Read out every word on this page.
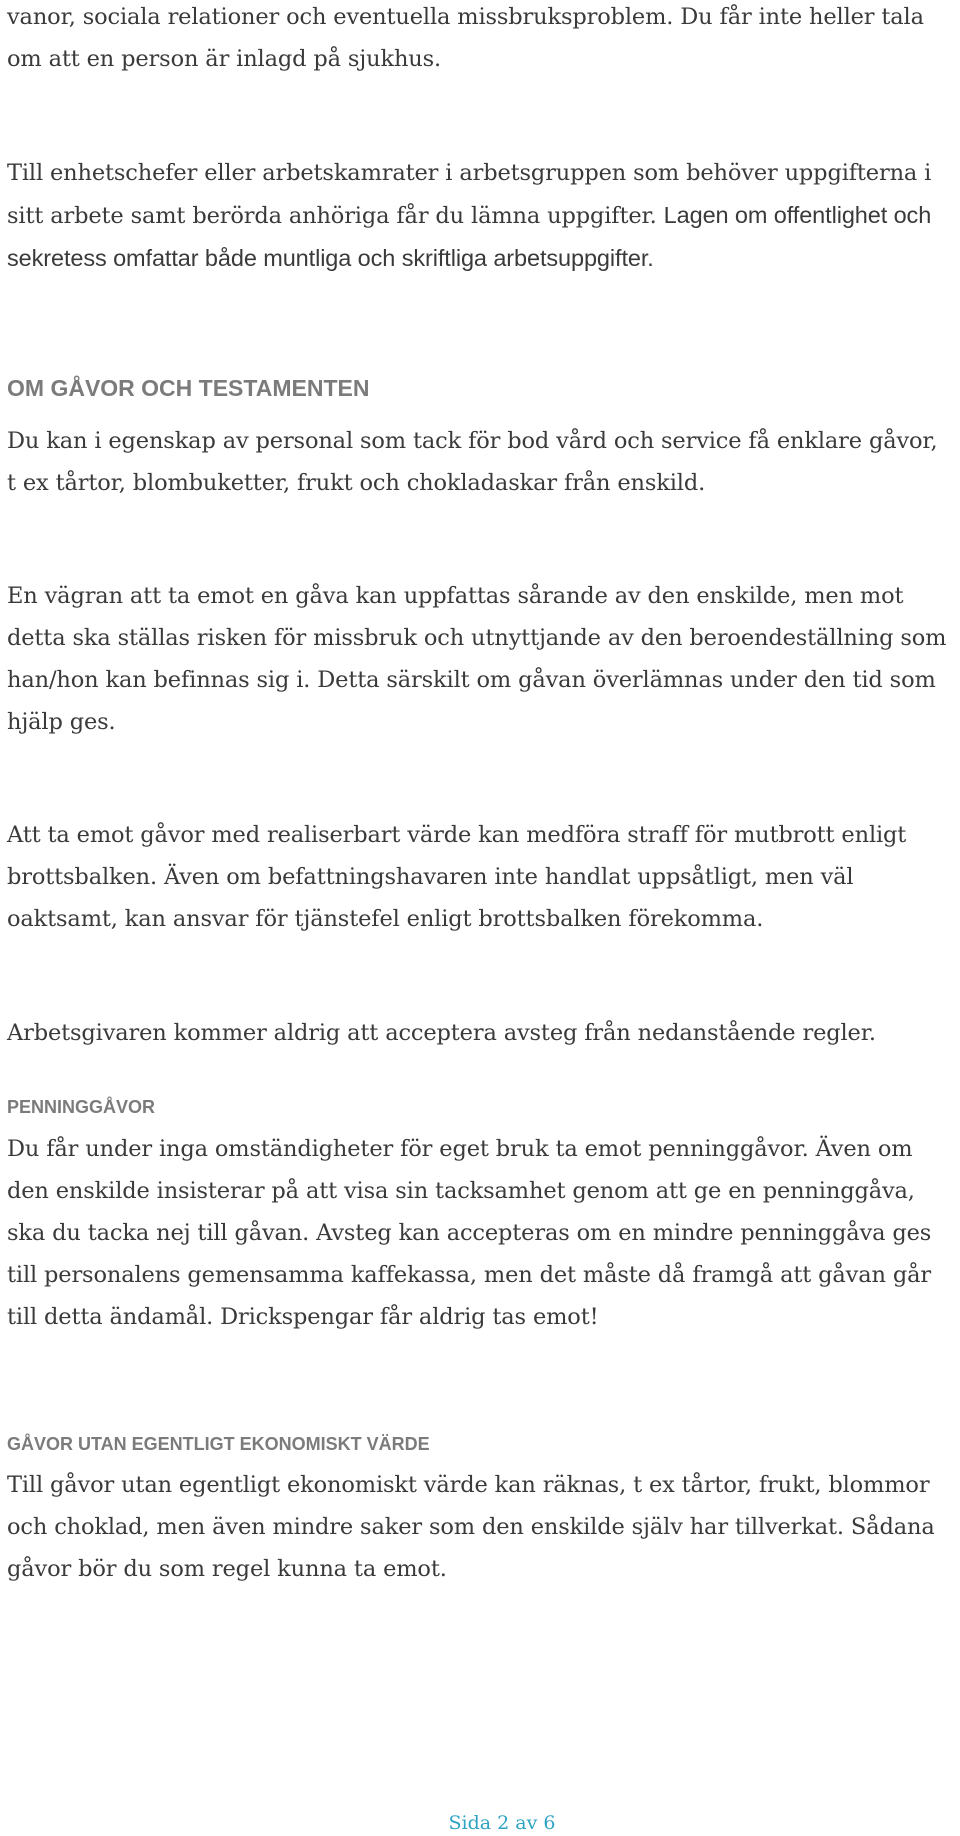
vanor, sociala relationer och eventuella missbruksproblem. Du får inte heller tala om att en person är inlagd på sjukhus.

Till enhetschefer eller arbetskamrater i arbetsgruppen som behöver uppgifterna i sitt arbete samt berörda anhöriga får du lämna uppgifter. Lagen om offentlighet och sekretess omfattar både muntliga och skriftliga arbetsuppgifter.

OM GÅVOR OCH TESTAMENTEN

Du kan i egenskap av personal som tack för bod vård och service få enklare gåvor, t ex tårtor, blombuketter, frukt och chokladaskar från enskild.

En vägran att ta emot en gåva kan uppfattas sårande av den enskilde, men mot detta ska ställas risken för missbruk och utnyttjande av den beroendeställning som han/hon kan befinnas sig i. Detta särskilt om gåvan överlämnas under den tid som hjälp ges.

Att ta emot gåvor med realiserbart värde kan medföra straff för mutbrott enligt brottsbalken. Även om befattningshavaren inte handlat uppsåtligt, men väl oaktsamt, kan ansvar för tjänstefel enligt brottsbalken förekomma.

Arbetsgivaren kommer aldrig att acceptera avsteg från nedanstående regler.

PENNINGGÅVOR

Du får under inga omständigheter för eget bruk ta emot penninggåvor. Även om den enskilde insisterar på att visa sin tacksamhet genom att ge en penninggåva, ska du tacka nej till gåvan. Avsteg kan accepteras om en mindre penninggåva ges till personalens gemensamma kaffekassa, men det måste då framgå att gåvan går till detta ändamål. Drickspengar får aldrig tas emot!

GÅVOR UTAN EGENTLIGT EKONOMISKT VÄRDE

Till gåvor utan egentligt ekonomiskt värde kan räknas, t ex tårtor, frukt, blommor och choklad, men även mindre saker som den enskilde själv har tillverkat. Sådana gåvor bör du som regel kunna ta emot.

Sida 2 av 6
